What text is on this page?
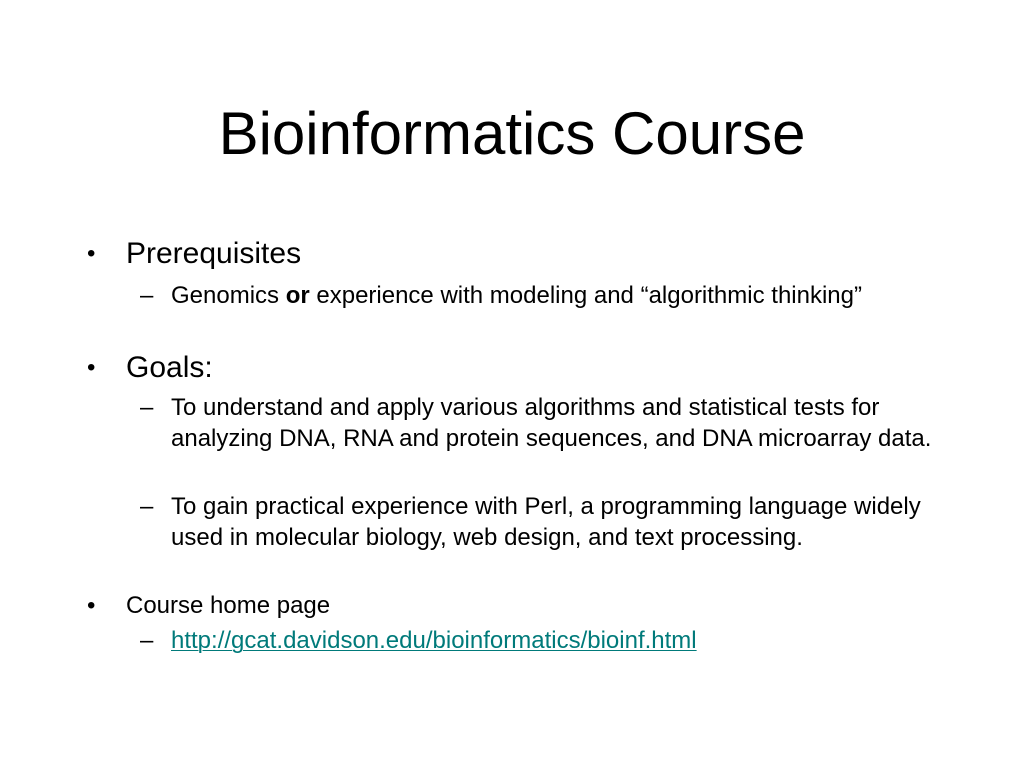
Bioinformatics Course
• Prerequisites
– Genomics or experience with modeling and “algorithmic thinking”
• Goals:
– To understand and apply various algorithms and statistical tests for analyzing DNA, RNA and protein sequences, and DNA microarray data.
– To gain practical experience with Perl, a programming language widely used in molecular biology, web design, and text processing.
• Course home page
– http://gcat.davidson.edu/bioinformatics/bioinf.html
